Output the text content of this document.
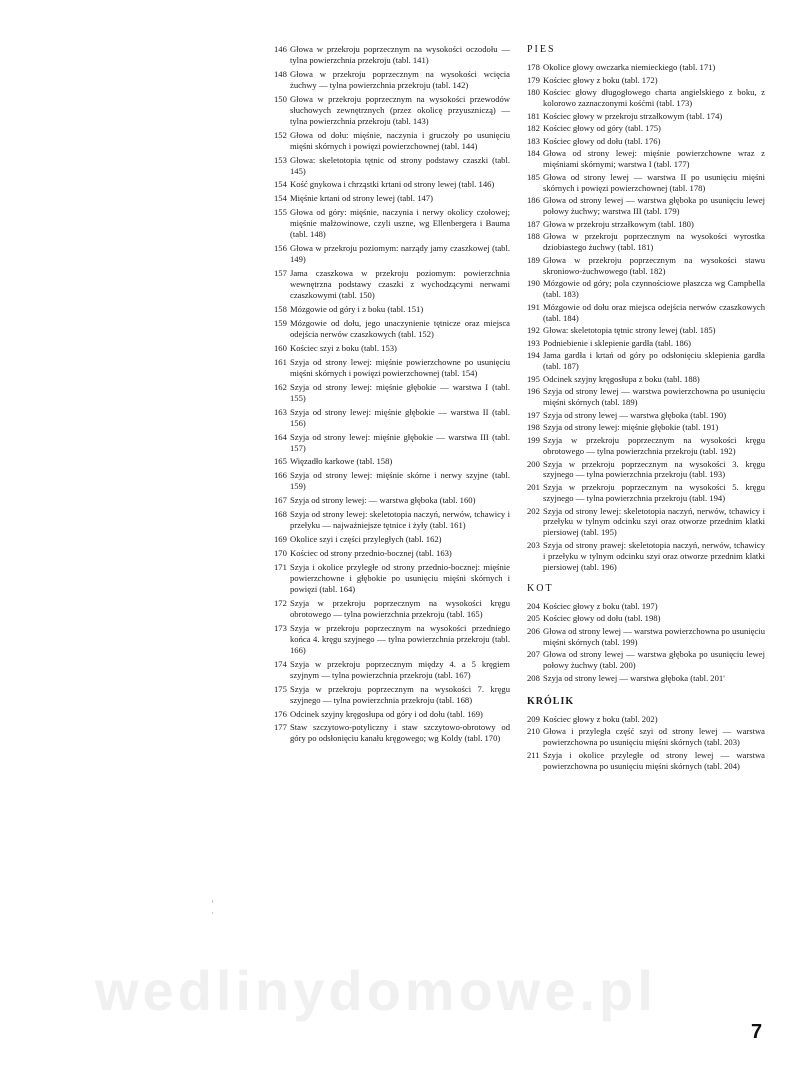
146 Głowa w przekroju poprzecznym na wysokości oczodołu — tylna powierzchnia przekroju (tabl. 141)
148 Głowa w przekroju poprzecznym na wysokości wcięcia żuchwy — tylna powierzchnia przekroju (tabl. 142)
150 Głowa w przekroju poprzecznym na wysokości przewodów słuchowych zewnętrznych (przez okolicę przyuszniczą) — tylna powierzchnia przekroju (tabl. 143)
152 Głowa od dołu: mięśnie, naczynia i gruczoły po usunięciu mięśni skórnych i powięzi powierzchownej (tabl. 144)
153 Głowa: skeletotopia tętnic od strony podstawy czaszki (tabl. 145)
154 Kość gnykowa i chrząstki krtani od strony lewej (tabl. 146)
154 Mięśnie krtani od strony lewej (tabl. 147)
155 Głowa od góry: mięśnie, naczynia i nerwy okolicy czołowej; mięśnie małżowinowe, czyli uszne, wg Ellenbergera i Bauma (tabl. 148)
156 Głowa w przekroju poziomym: narządy jamy czaszkowej (tabl. 149)
157 Jama czaszkowa w przekroju poziomym: powierzchnia wewnętrzna podstawy czaszki z wychodzącymi nerwami czaszkowymi (tabl. 150)
158 Mózgowie od góry i z boku (tabl. 151)
159 Mózgowie od dołu, jego unaczynienie tętnicze oraz miejsca odejścia nerwów czaszkowych (tabl. 152)
160 Kościec szyi z boku (tabl. 153)
161 Szyja od strony lewej: mięśnie powierzchowne po usunięciu mięśni skórnych i powięzi powierzchownej (tabl. 154)
162 Szyja od strony lewej: mięśnie głębokie — warstwa I (tabl. 155)
163 Szyja od strony lewej: mięśnie głębokie — warstwa II (tabl. 156)
164 Szyja od strony lewej: mięśnie głębokie — warstwa III (tabl. 157)
165 Więzadło karkowe (tabl. 158)
166 Szyja od strony lewej: mięśnie skórne i nerwy szyjne (tabl. 159)
167 Szyja od strony lewej: — warstwa głęboka (tabl. 160)
168 Szyja od strony lewej: skeletotopia naczyń, nerwów, tchawicy i przełyku — najważniejsze tętnice i żyły (tabl. 161)
169 Okolice szyi i części przyległych (tabl. 162)
170 Kościec od strony przednio-bocznej (tabl. 163)
171 Szyja i okolice przyległe od strony przednio-bocznej: mięśnie powierzchowne i głębokie po usunięciu mięśni skórnych i powięzi (tabl. 164)
172 Szyja w przekroju poprzecznym na wysokości kręgu obrotowego — tylna powierzchnia przekroju (tabl. 165)
173 Szyja w przekroju poprzecznym na wysokości przedniego końca 4. kręgu szyjnego — tylna powierzchnia przekroju (tabl. 166)
174 Szyja w przekroju poprzecznym między 4. a 5 kręgiem szyjnym — tylna powierzchnia przekroju (tabl. 167)
175 Szyja w przekroju poprzecznym na wysokości 7. kręgu szyjnego — tylna powierzchnia przekroju (tabl. 168)
176 Odcinek szyjny kręgosłupa od góry i od dołu (tabl. 169)
177 Staw szczytowo-potyliczny i staw szczytowo-obrotowy od góry po odsłonięciu kanału kręgowego; wg Koldy (tabl. 170)
PIES
178 Okolice głowy owczarka niemieckiego (tabl. 171)
179 Kościec głowy z boku (tabl. 172)
180 Kościec głowy długogłowego charta angielskiego z boku, z kolorowo zaznaczonymi kośćmi (tabl. 173)
181 Kościec głowy w przekroju strzałkowym (tabl. 174)
182 Kościec głowy od góry (tabl. 175)
183 Kościec głowy od dołu (tabl. 176)
184 Głowa od strony lewej: mięśnie powierzchowne wraz z mięśniami skórnymi; warstwa I (tabl. 177)
185 Głowa od strony lewej — warstwa II po usunięciu mięśni skórnych i powięzi powierzchownej (tabl. 178)
186 Głowa od strony lewej — warstwa głęboka po usunięciu lewej połowy żuchwy; warstwa III (tabl. 179)
187 Głowa w przekroju strzałkowym (tabl. 180)
188 Głowa w przekroju poprzecznym na wysokości wyrostka dziobiastego żuchwy (tabl. 181)
189 Głowa w przekroju poprzecznym na wysokości stawu skroniowo-żuchwowego (tabl. 182)
190 Mózgowie od góry; pola czynnościowe płaszcza wg Campbella (tabl. 183)
191 Mózgowie od dołu oraz miejsca odejścia nerwów czaszkowych (tabl. 184)
192 Głowa: skeletotopia tętnic strony lewej (tabl. 185)
193 Podniebienie i sklepienie gardła (tabl. 186)
194 Jama gardła i krtań od góry po odsłonięciu sklepienia gardła (tabl. 187)
195 Odcinek szyjny kręgosłupa z boku (tabl. 188)
196 Szyja od strony lewej — warstwa powierzchowna po usunięciu mięśni skórnych (tabl. 189)
197 Szyja od strony lewej — warstwa głęboka (tabl. 190)
198 Szyja od strony lewej: mięśnie głębokie (tabl. 191)
199 Szyja w przekroju poprzecznym na wysokości kręgu obrotowego — tylna powierzchnia przekroju (tabl. 192)
200 Szyja w przekroju poprzecznym na wysokości 3. kręgu szyjnego — tylna powierzchnia przekroju (tabl. 193)
201 Szyja w przekroju poprzecznym na wysokości 5. kręgu szyjnego — tylna powierzchnia przekroju (tabl. 194)
202 Szyja od strony lewej: skeletotopia naczyń, nerwów, tchawicy i przełyku w tylnym odcinku szyi oraz otworze przednim klatki piersiowej (tabl. 195)
203 Szyja od strony prawej: skeletotopia naczyń, nerwów, tchawicy i przełyku w tylnym odcinku szyi oraz otworze przednim klatki piersiowej (tabl. 196)
KOT
204 Kościec głowy z boku (tabl. 197)
205 Kościec głowy od dołu (tabl. 198)
206 Głowa od strony lewej — warstwa powierzchowna po usunięciu mięśni skórnych (tabl. 199)
207 Głowa od strony lewej — warstwa głęboka po usunięciu lewej połowy żuchwy (tabl. 200)
208 Szyja od strony lewej — warstwa głęboka (tabl. 201'
KRÓLIK
209 Kościec głowy z boku (tabl. 202)
210 Głowa i przyległa część szyi od strony lewej — warstwa powierzchowna po usunięciu mięśni skórnych (tabl. 203)
211 Szyja i okolice przyległe od strony lewej — warstwa powierzchowna po usunięciu mięśni skórnych (tabl. 204)
wedlinydomowe.pl
7
